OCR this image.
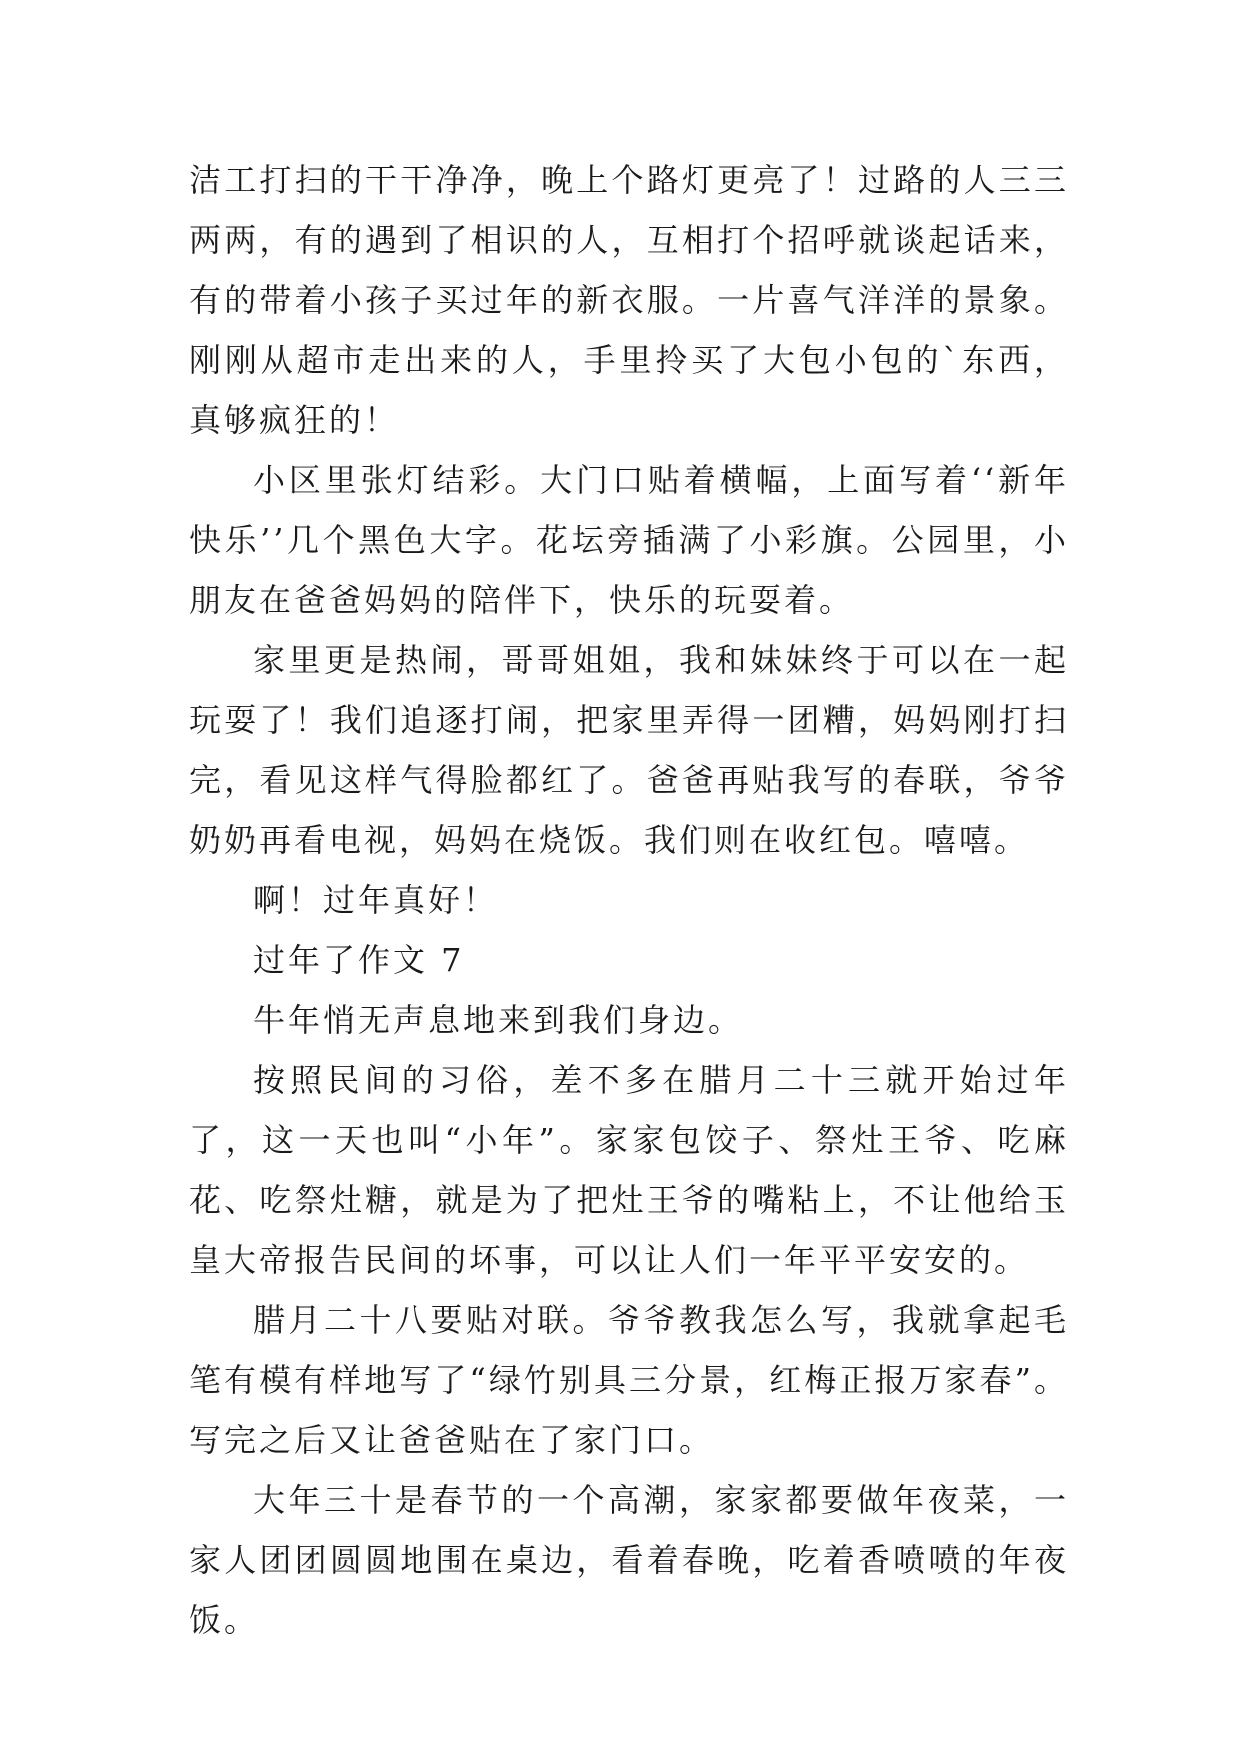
洁工打扫的干干净净，晚上个路灯更亮了！过路的人三三两两，有的遇到了相识的人，互相打个招呼就谈起话来，有的带着小孩子买过年的新衣服。一片喜气洋洋的景象。刚刚从超市走出来的人，手里拎买了大包小包的`东西，真够疯狂的！

小区里张灯结彩。大门口贴着横幅，上面写着‘‘新年快乐’’几个黑色大字。花坛旁插满了小彩旗。公园里，小朋友在爸爸妈妈的陪伴下，快乐的玩耍着。

家里更是热闹，哥哥姐姐，我和妹妹终于可以在一起玩耍了！我们追逐打闹，把家里弄得一团糟，妈妈刚打扫完，看见这样气得脸都红了。爸爸再贴我写的春联，爷爷奶奶再看电视，妈妈在烧饭。我们则在收红包。嘻嘻。

啊！过年真好！

过年了作文 7

牛年悄无声息地来到我们身边。

按照民间的习俗，差不多在腊月二十三就开始过年了，这一天也叫“小年”。家家包饺子、祭灶王爷、吃麻花、吃祭灶糖，就是为了把灶王爷的嘴粘上，不让他给玉皇大帝报告民间的坏事，可以让人们一年平平安安的。

腊月二十八要贴对联。爷爷教我怎么写，我就拿起毛笔有模有样地写了“绿竹别具三分景，红梅正报万家春”。写完之后又让爸爸贴在了家门口。

大年三十是春节的一个高潮，家家都要做年夜菜，一家人团团圆圆地围在桌边，看着春晚，吃着香喷喷的年夜饭。
